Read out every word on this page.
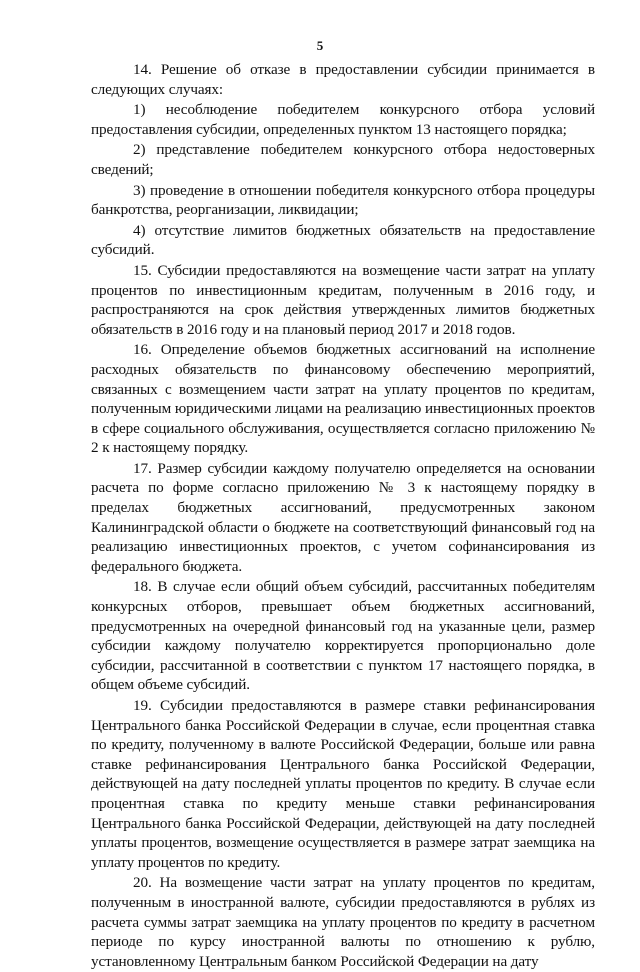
5

14. Решение об отказе в предоставлении субсидии принимается в следующих случаях:

1) несоблюдение победителем конкурсного отбора условий предоставления субсидии, определенных пунктом 13 настоящего порядка;

2) представление победителем конкурсного отбора недостоверных сведений;

3) проведение в отношении победителя конкурсного отбора процедуры банкротства, реорганизации, ликвидации;

4) отсутствие лимитов бюджетных обязательств на предоставление субсидий.

15. Субсидии предоставляются на возмещение части затрат на уплату процентов по инвестиционным кредитам, полученным в 2016 году, и распространяются на срок действия утвержденных лимитов бюджетных обязательств в 2016 году и на плановый период 2017 и 2018 годов.

16. Определение объемов бюджетных ассигнований на исполнение расходных обязательств по финансовому обеспечению мероприятий, связанных с возмещением части затрат на уплату процентов по кредитам, полученным юридическими лицами на реализацию инвестиционных проектов в сфере социального обслуживания, осуществляется согласно приложению № 2 к настоящему порядку.

17. Размер субсидии каждому получателю определяется на основании расчета по форме согласно приложению № 3 к настоящему порядку в пределах бюджетных ассигнований, предусмотренных законом Калининградской области о бюджете на соответствующий финансовый год на реализацию инвестиционных проектов, с учетом софинансирования из федерального бюджета.

18. В случае если общий объем субсидий, рассчитанных победителям конкурсных отборов, превышает объем бюджетных ассигнований, предусмотренных на очередной финансовый год на указанные цели, размер субсидии каждому получателю корректируется пропорционально доле субсидии, рассчитанной в соответствии с пунктом 17 настоящего порядка, в общем объеме субсидий.

19. Субсидии предоставляются в размере ставки рефинансирования Центрального банка Российской Федерации в случае, если процентная ставка по кредиту, полученному в валюте Российской Федерации, больше или равна ставке рефинансирования Центрального банка Российской Федерации, действующей на дату последней уплаты процентов по кредиту. В случае если процентная ставка по кредиту меньше ставки рефинансирования Центрального банка Российской Федерации, действующей на дату последней уплаты процентов, возмещение осуществляется в размере затрат заемщика на уплату процентов по кредиту.

20. На возмещение части затрат на уплату процентов по кредитам, полученным в иностранной валюте, субсидии предоставляются в рублях из расчета суммы затрат заемщика на уплату процентов по кредиту в расчетном периоде по курсу иностранной валюты по отношению к рублю, установленному Центральным банком Российской Федерации на дату
